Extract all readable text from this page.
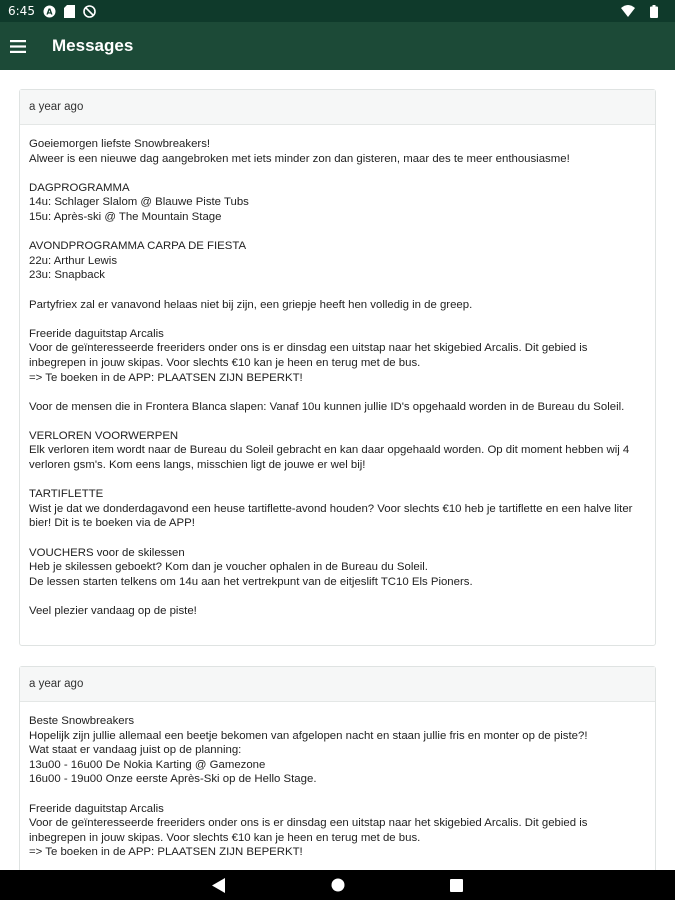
6:45 A
Messages
a year ago
Goeiemorgen liefste Snowbreakers!
Alweer is een nieuwe dag aangebroken met iets minder zon dan gisteren, maar des te meer enthousiasme!

DAGPROGRAMMA
14u: Schlager Slalom @ Blauwe Piste Tubs
15u: Après-ski @ The Mountain Stage

AVONDPROGRAMMA CARPA DE FIESTA
22u: Arthur Lewis
23u: Snapback

Partyfriex zal er vanavond helaas niet bij zijn, een griepje heeft hen volledig in de greep.

Freeride daguitstap Arcalis
Voor de geïnteresseerde freeriders onder ons is er dinsdag een uitstap naar het skigebied Arcalis. Dit gebied is inbegrepen in jouw skipas. Voor slechts €10 kan je heen en terug met de bus.
=> Te boeken in de APP: PLAATSEN ZIJN BEPERKT!

Voor de mensen die in Frontera Blanca slapen: Vanaf 10u kunnen jullie ID's opgehaald worden in de Bureau du Soleil.

VERLOREN VOORWERPEN
Elk verloren item wordt naar de Bureau du Soleil gebracht en kan daar opgehaald worden. Op dit moment hebben wij 4 verloren gsm's. Kom eens langs, misschien ligt de jouwe er wel bij!

TARTIFLETTE
Wist je dat we donderdagavond een heuse tartiflette-avond houden? Voor slechts €10 heb je tartiflette en een halve liter bier! Dit is te boeken via de APP!

VOUCHERS voor de skilessen
Heb je skilessen geboekt? Kom dan je voucher ophalen in de Bureau du Soleil.
De lessen starten telkens om 14u aan het vertrekpunt van de eitjeslift TC10 Els Pioners.

Veel plezier vandaag op de piste!
a year ago
Beste Snowbreakers
Hopelijk zijn jullie allemaal een beetje bekomen van afgelopen nacht en staan jullie fris en monter op de piste?!
Wat staat er vandaag juist op de planning:
13u00 - 16u00 De Nokia Karting @ Gamezone
16u00 - 19u00 Onze eerste Après-Ski op de Hello Stage.

Freeride daguitstap Arcalis
Voor de geïnteresseerde freeriders onder ons is er dinsdag een uitstap naar het skigebied Arcalis. Dit gebied is inbegrepen in jouw skipas. Voor slechts €10 kan je heen en terug met de bus.
=> Te boeken in de APP: PLAATSEN ZIJN BEPERKT!
